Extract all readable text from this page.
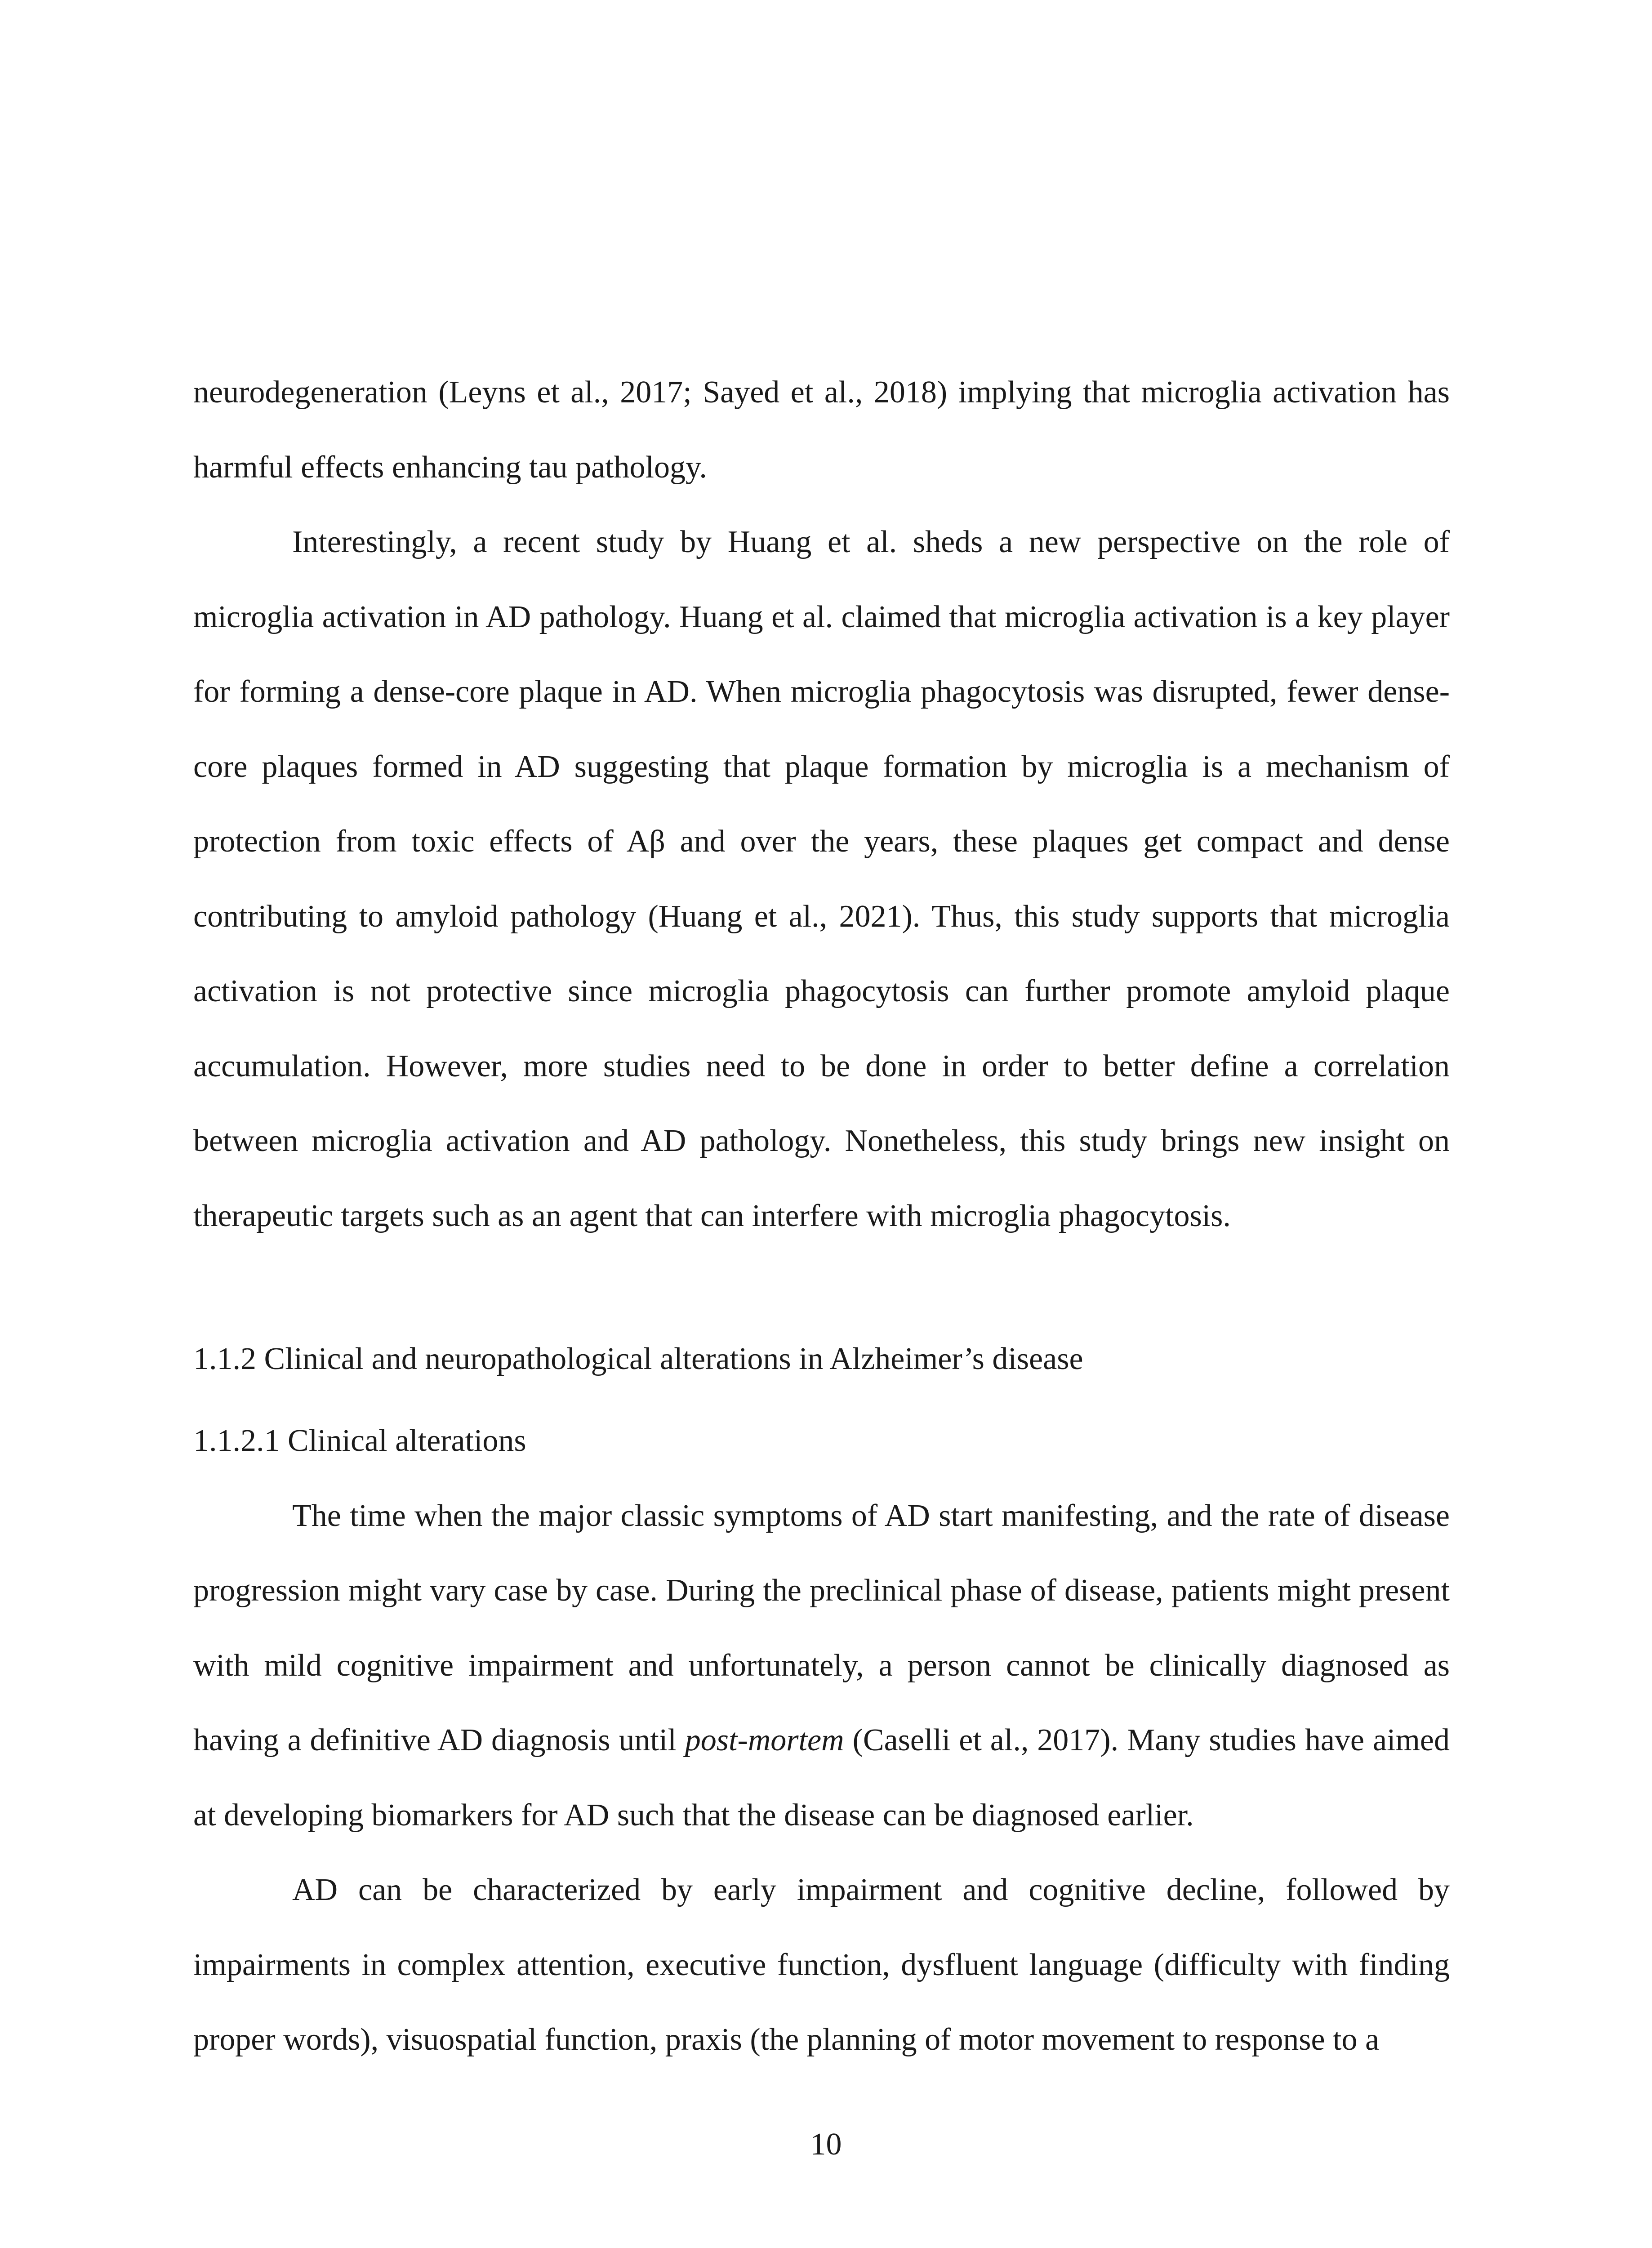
neurodegeneration (Leyns et al., 2017; Sayed et al., 2018) implying that microglia activation has harmful effects enhancing tau pathology.

Interestingly, a recent study by Huang et al. sheds a new perspective on the role of microglia activation in AD pathology. Huang et al. claimed that microglia activation is a key player for forming a dense-core plaque in AD. When microglia phagocytosis was disrupted, fewer dense-core plaques formed in AD suggesting that plaque formation by microglia is a mechanism of protection from toxic effects of Aβ and over the years, these plaques get compact and dense contributing to amyloid pathology (Huang et al., 2021). Thus, this study supports that microglia activation is not protective since microglia phagocytosis can further promote amyloid plaque accumulation. However, more studies need to be done in order to better define a correlation between microglia activation and AD pathology. Nonetheless, this study brings new insight on therapeutic targets such as an agent that can interfere with microglia phagocytosis.

1.1.2 Clinical and neuropathological alterations in Alzheimer’s disease
1.1.2.1 Clinical alterations

The time when the major classic symptoms of AD start manifesting, and the rate of disease progression might vary case by case. During the preclinical phase of disease, patients might present with mild cognitive impairment and unfortunately, a person cannot be clinically diagnosed as having a definitive AD diagnosis until post-mortem (Caselli et al., 2017). Many studies have aimed at developing biomarkers for AD such that the disease can be diagnosed earlier.

AD can be characterized by early impairment and cognitive decline, followed by impairments in complex attention, executive function, dysfluent language (difficulty with finding proper words), visuospatial function, praxis (the planning of motor movement to response to a

10
